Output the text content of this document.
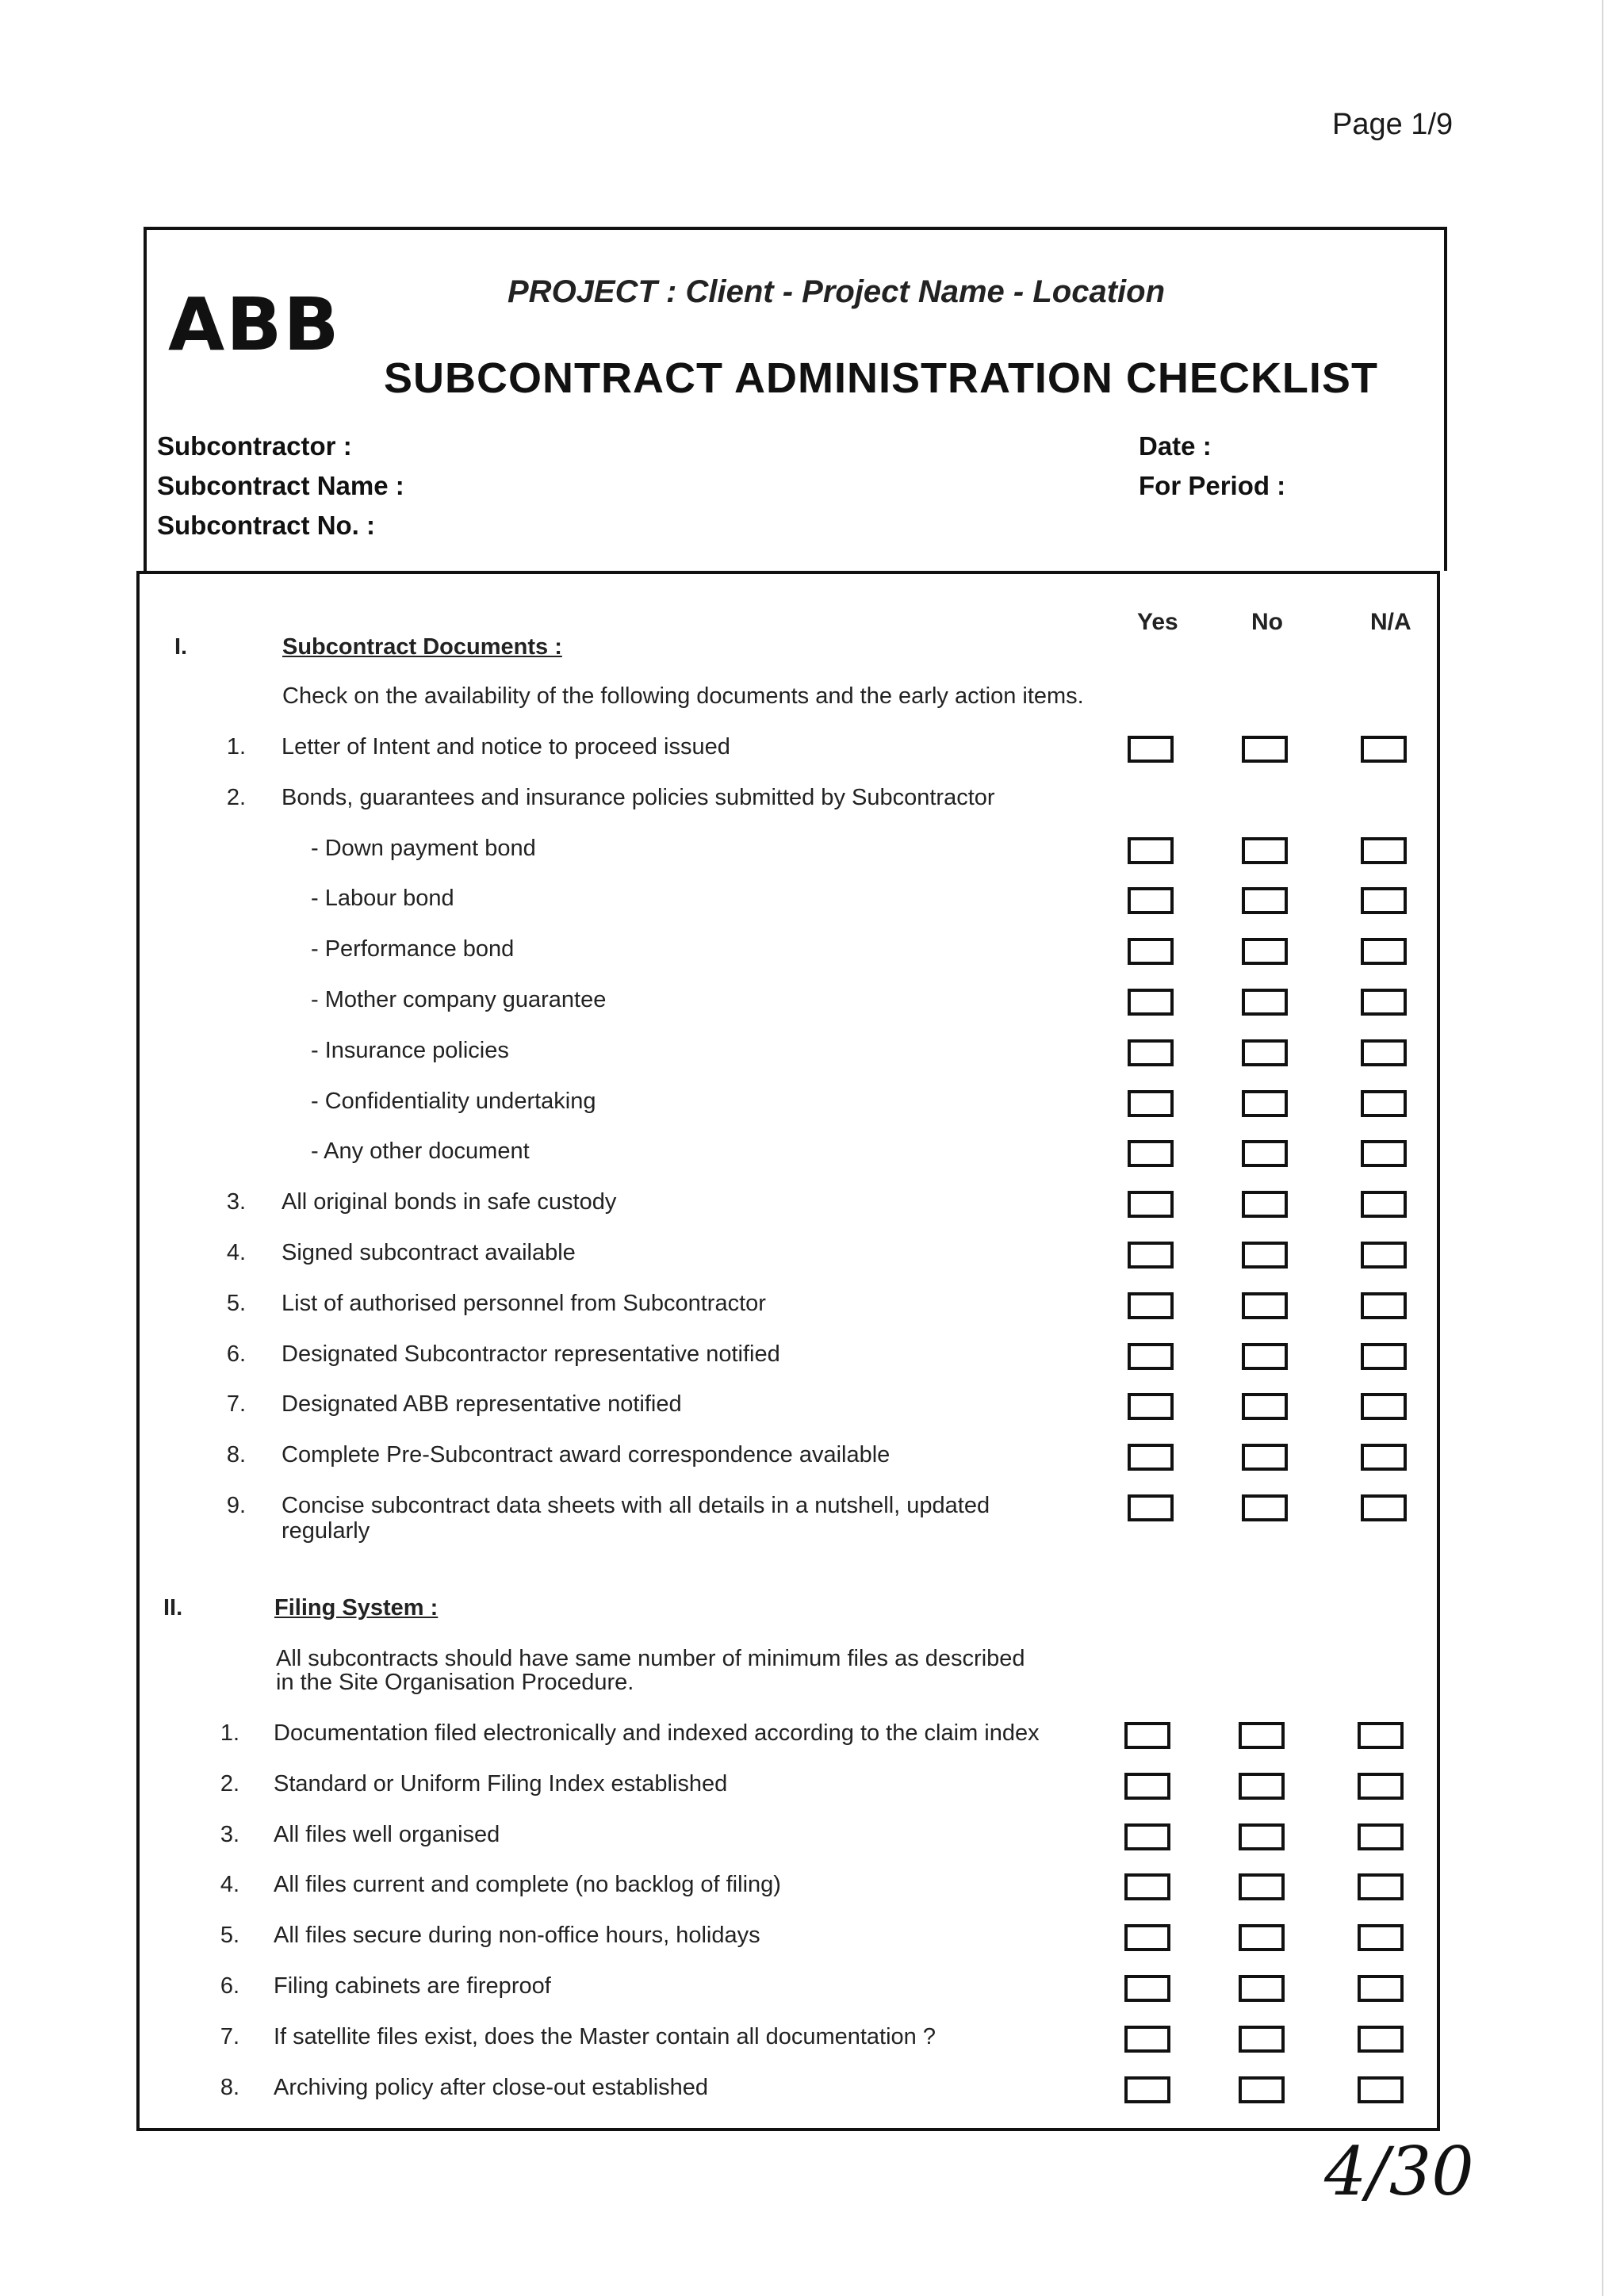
Page 1/9
ABB	PROJECT : Client - Project Name - Location
SUBCONTRACT ADMINISTRATION CHECKLIST
Subcontractor :
Subcontract Name :
Subcontract No. :
Date :
For Period :
Yes	No	N/A
I.	Subcontract Documents :
Check on the availability of the following documents and the early action items.
1. Letter of Intent and notice to proceed issued
2. Bonds, guarantees and insurance policies submitted by Subcontractor
- Down payment bond
- Labour bond
- Performance bond
- Mother company guarantee
- Insurance policies
- Confidentiality undertaking
- Any other document
3. All original bonds in safe custody
4. Signed subcontract available
5. List of authorised personnel from Subcontractor
6. Designated Subcontractor representative notified
7. Designated ABB representative notified
8. Complete Pre-Subcontract award correspondence available
9. Concise subcontract data sheets with all details in a nutshell, updated
regularly
II.	Filing System :
All subcontracts should have same number of minimum files as described
in the Site Organisation Procedure.
1. Documentation filed electronically and indexed according to the claim index
2. Standard or Uniform Filing Index established
3. All files well organised
4. All files current and complete (no backlog of filing)
5. All files secure during non-office hours, holidays
6. Filing cabinets are fireproof
7. If satellite files exist, does the Master contain all documentation ?
8. Archiving policy after close-out established
4/30
